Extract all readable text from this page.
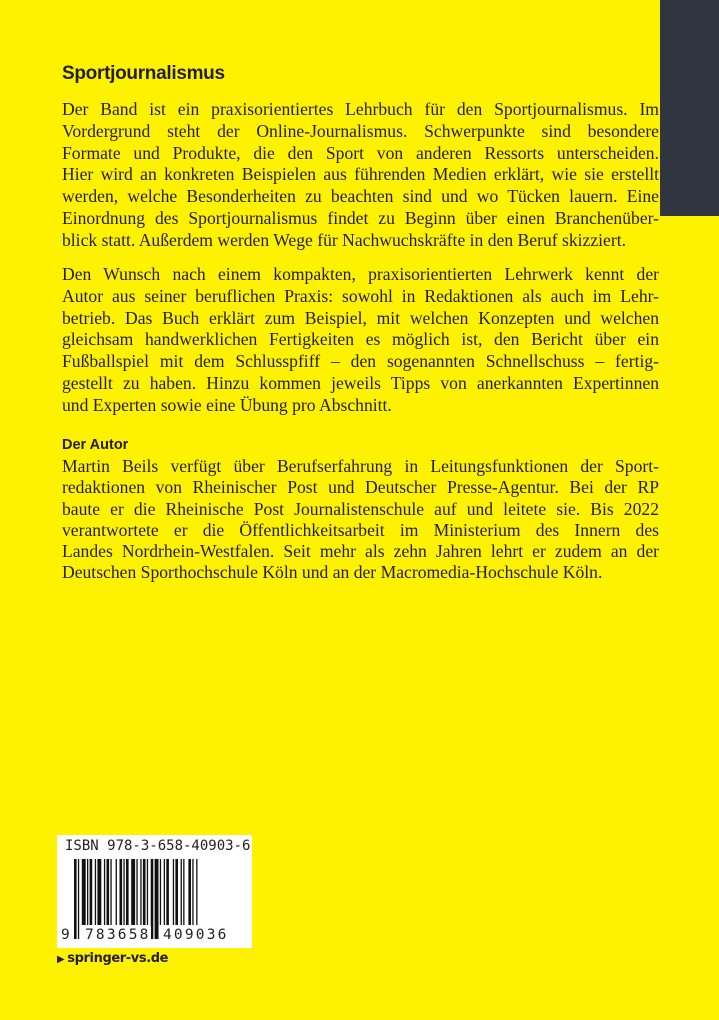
Sportjournalismus
Der Band ist ein praxisorientiertes Lehrbuch für den Sportjournalismus. Im
Vordergrund steht der Online-Journalismus. Schwerpunkte sind besondere
Formate und Produkte, die den Sport von anderen Ressorts unterscheiden.
Hier wird an konkreten Beispielen aus führenden Medien erklärt, wie sie erstellt
werden, welche Besonderheiten zu beachten sind und wo Tücken lauern. Eine
Einordnung des Sportjournalismus findet zu Beginn über einen Branchenüber-
blick statt. Außerdem werden Wege für Nachwuchskräfte in den Beruf skizziert.
Den Wunsch nach einem kompakten, praxisorientierten Lehrwerk kennt der
Autor aus seiner beruflichen Praxis: sowohl in Redaktionen als auch im Lehr-
betrieb. Das Buch erklärt zum Beispiel, mit welchen Konzepten und welchen
gleichsam handwerklichen Fertigkeiten es möglich ist, den Bericht über ein
Fußballspiel mit dem Schlusspfiff – den sogenannten Schnellschuss – fertig-
gestellt zu haben. Hinzu kommen jeweils Tipps von anerkannten Expertinnen
und Experten sowie eine Übung pro Abschnitt.
Der Autor
Martin Beils verfügt über Berufserfahrung in Leitungsfunktionen der Sport-
redaktionen von Rheinischer Post und Deutscher Presse-Agentur. Bei der RP
baute er die Rheinische Post Journalistenschule auf und leitete sie. Bis 2022
verantwortete er die Öffentlichkeitsarbeit im Ministerium des Innern des
Landes Nordrhein-Westfalen. Seit mehr als zehn Jahren lehrt er zudem an der
Deutschen Sporthochschule Köln und an der Macromedia-Hochschule Köln.
ISBN 978-3-658-40903-6
9 783658 409036
▶ springer-vs.de
